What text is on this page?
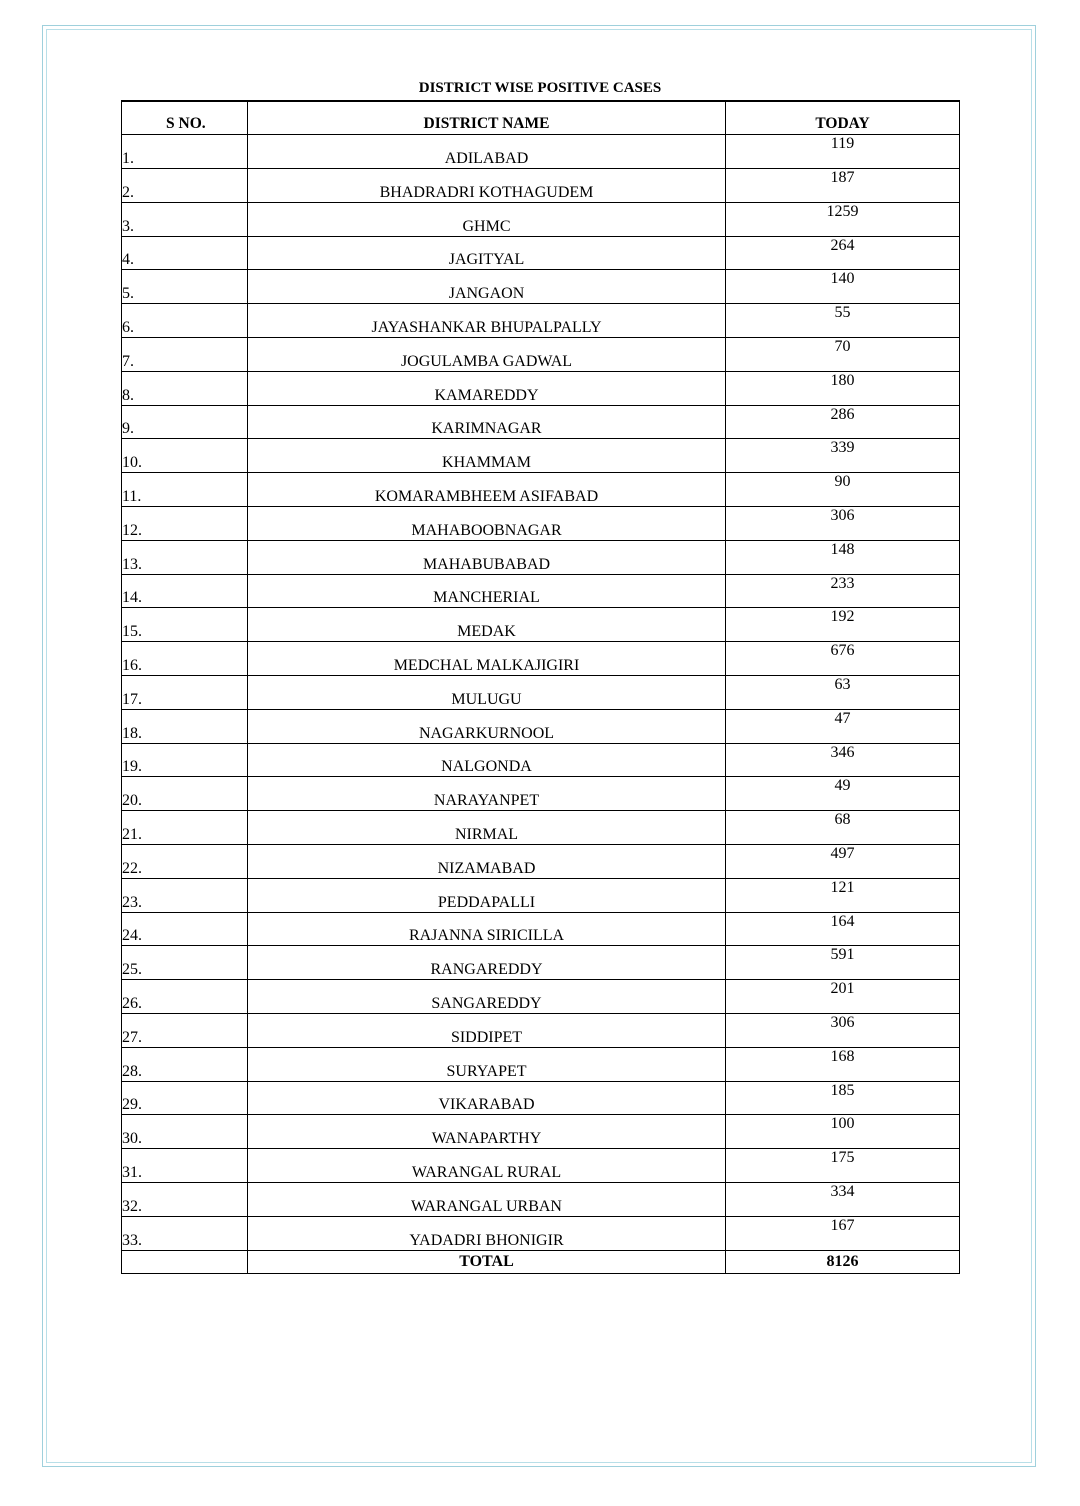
DISTRICT WISE POSITIVE CASES
S NO.	DISTRICT NAME	TODAY
1.	ADILABAD	119
2.	BHADRADRI KOTHAGUDEM	187
3.	GHMC	1259
4.	JAGITYAL	264
5.	JANGAON	140
6.	JAYASHANKAR BHUPALPALLY	55
7.	JOGULAMBA GADWAL	70
8.	KAMAREDDY	180
9.	KARIMNAGAR	286
10.	KHAMMAM	339
11.	KOMARAMBHEEM ASIFABAD	90
12.	MAHABOOBNAGAR	306
13.	MAHABUBABAD	148
14.	MANCHERIAL	233
15.	MEDAK	192
16.	MEDCHAL MALKAJIGIRI	676
17.	MULUGU	63
18.	NAGARKURNOOL	47
19.	NALGONDA	346
20.	NARAYANPET	49
21.	NIRMAL	68
22.	NIZAMABAD	497
23.	PEDDAPALLI	121
24.	RAJANNA SIRICILLA	164
25.	RANGAREDDY	591
26.	SANGAREDDY	201
27.	SIDDIPET	306
28.	SURYAPET	168
29.	VIKARABAD	185
30.	WANAPARTHY	100
31.	WARANGAL RURAL	175
32.	WARANGAL URBAN	334
33.	YADADRI BHONIGIR	167
	TOTAL	8126
